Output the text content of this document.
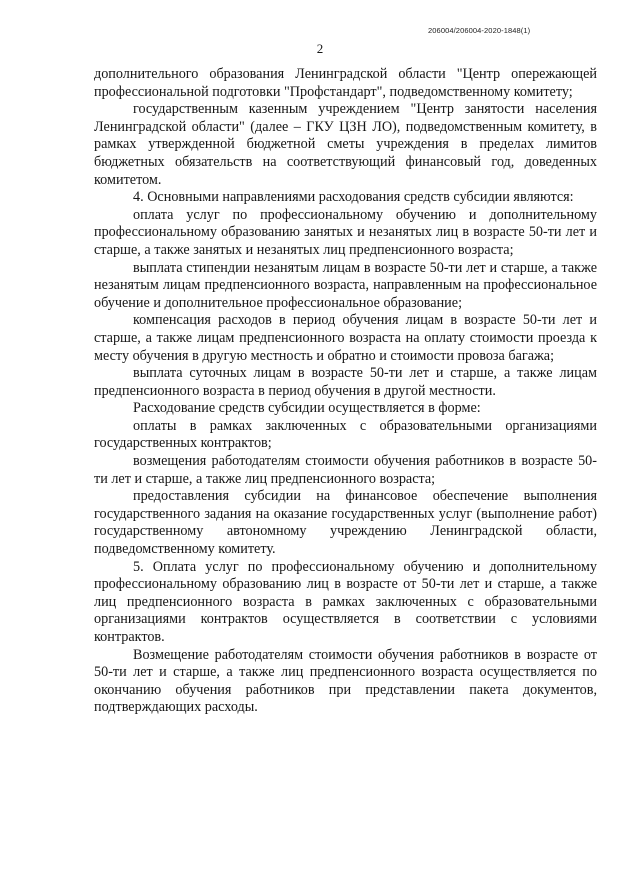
206004/206004-2020-1848(1)
2

дополнительного образования Ленинградской области "Центр опережающей профессиональной подготовки "Профстандарт", подведомственному комитету;

государственным казенным учреждением "Центр занятости населения Ленинградской области" (далее – ГКУ ЦЗН ЛО), подведомственным комитету, в рамках утвержденной бюджетной сметы учреждения в пределах лимитов бюджетных обязательств на соответствующий финансовый год, доведенных комитетом.

4. Основными направлениями расходования средств субсидии являются:

оплата услуг по профессиональному обучению и дополнительному профессиональному образованию занятых и незанятых лиц в возрасте 50-ти лет и старше, а также занятых и незанятых лиц предпенсионного возраста;

выплата стипендии незанятым лицам в возрасте 50-ти лет и старше, а также незанятым лицам предпенсионного возраста, направленным на профессиональное обучение и дополнительное профессиональное образование;

компенсация расходов в период обучения лицам в возрасте 50-ти лет и старше, а также лицам предпенсионного возраста на оплату стоимости проезда к месту обучения в другую местность и обратно и стоимости провоза багажа;

выплата суточных лицам в возрасте 50-ти лет и старше, а также лицам предпенсионного возраста в период обучения в другой местности.

Расходование средств субсидии осуществляется в форме:

оплаты в рамках заключенных с образовательными организациями государственных контрактов;

возмещения работодателям стоимости обучения работников в возрасте 50-ти лет и старше, а также лиц предпенсионного возраста;

предоставления субсидии на финансовое обеспечение выполнения государственного задания на оказание государственных услуг (выполнение работ) государственному автономному учреждению Ленинградской области, подведомственному комитету.

5. Оплата услуг по профессиональному обучению и дополнительному профессиональному образованию лиц в возрасте от 50-ти лет и старше, а также лиц предпенсионного возраста в рамках заключенных с образовательными организациями контрактов осуществляется в соответствии с условиями контрактов.

Возмещение работодателям стоимости обучения работников в возрасте от 50-ти лет и старше, а также лиц предпенсионного возраста осуществляется по окончанию обучения работников при представлении пакета документов, подтверждающих расходы.
